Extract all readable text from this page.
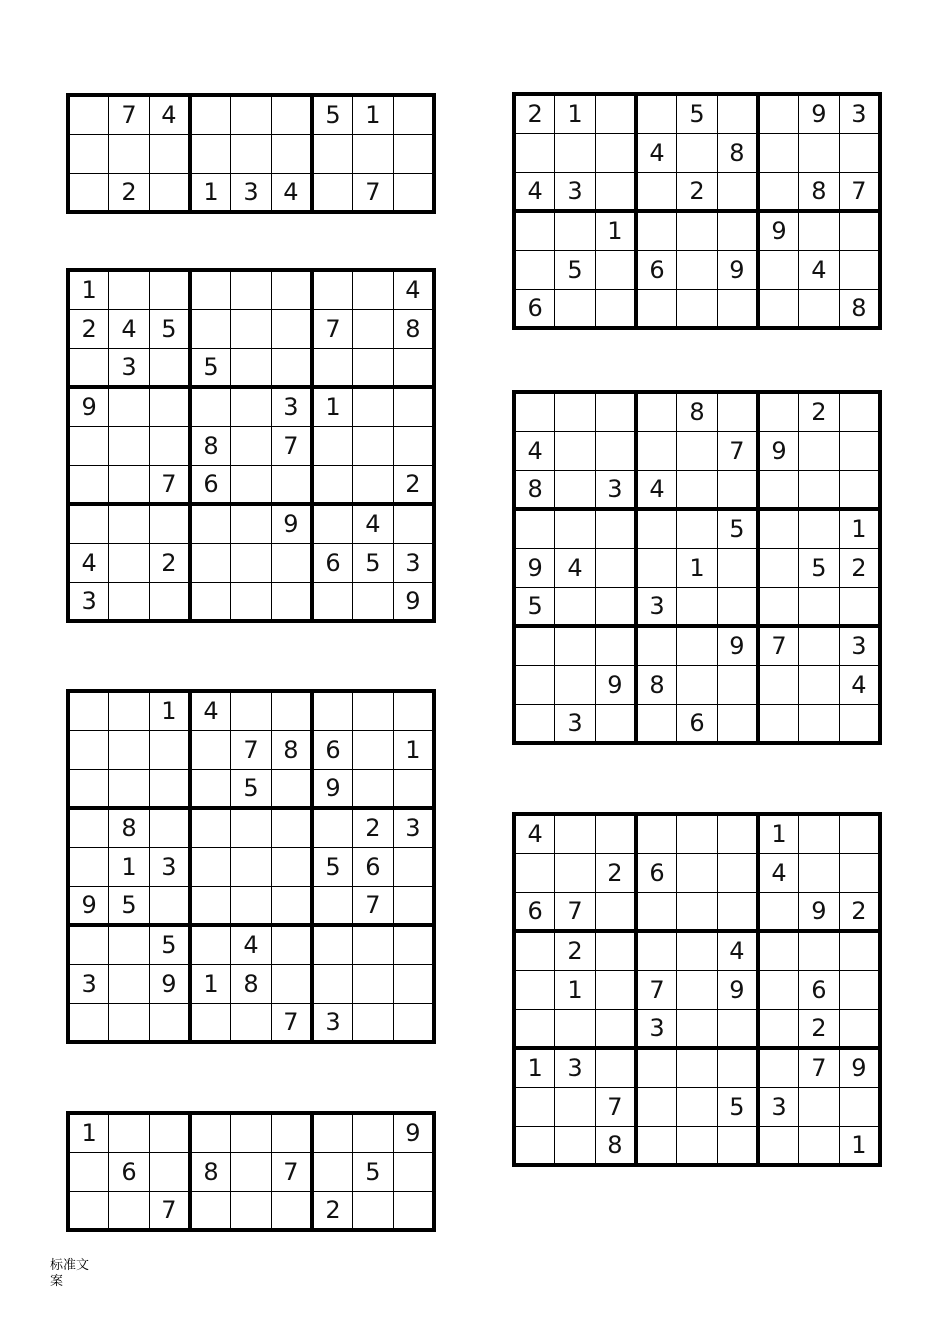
	7	4				5	1	

	2		1	3	4		7	
1								4
2	4	5				7		8
	3		5					
9					3	1		
			8		7			
		7	6					2
					9		4	
4		2				6	5	3
3								9
		1	4					
				7	8	6		1
				5		9		
	8						2	3
	1	3				5	6	
9	5						7	
		5		4				
3		9	1	8				
					7	3		
1								9
	6		8		7		5	
		7				2		
2	1			5			9	3
			4		8			
4	3			2			8	7
		1				9		
	5		6		9		4	
6								8
				8			2	
4					7	9		
8		3	4					
					5			1
9	4			1			5	2
5			3					
					9	7		3
		9	8					4
	3			6				
4						1		
		2	6			4		
6	7						9	2
	2				4			
	1		7		9		6	
			3				2	
1	3						7	9
		7			5	3		
		8						1
标准文
案
